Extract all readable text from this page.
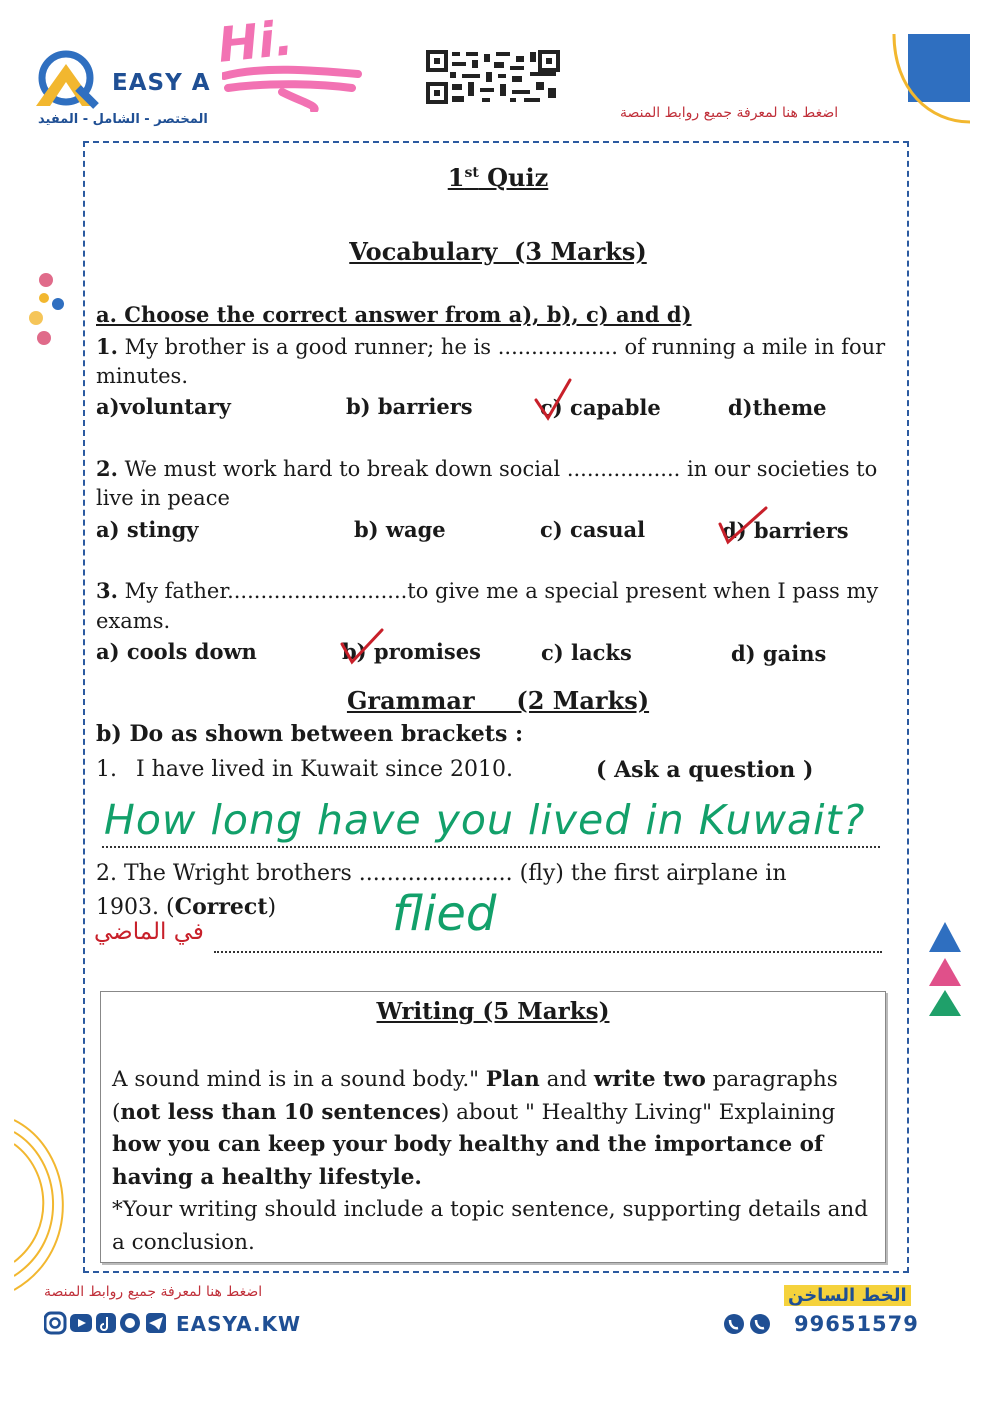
EASY A
المختصر - الشامل - المفيد
Hi.
اضغط هنا لمعرفة جميع روابط المنصة
1st Quiz
Vocabulary  (3 Marks)
a. Choose the correct answer from a), b), c) and d)
1. My brother is a good runner; he is .................. of running a mile in four
minutes.
a)voluntary	b) barriers	c) capable	d)theme
2. We must work hard to break down social ................. in our societies to
live in peace
a) stingy	b) wage	c) casual	d) barriers
3. My father...........................to give me a special present when I pass my
exams.
a) cools down	b) promises	c) lacks	d) gains
Grammar     (2 Marks)
b) Do as shown between brackets :
1. I have lived in Kuwait since 2010.	( Ask a question )
How long have you lived in Kuwait?
2. The Wright brothers ...................... (fly) the first airplane in
1903. (Correct) flied
في الماضي
Writing (5 Marks)
A sound mind is in a sound body." Plan and write two paragraphs (not less than 10 sentences) about " Healthy Living" Explaining how you can keep your body healthy and the importance of having a healthy lifestyle.
*Your writing should include a topic sentence, supporting details and a conclusion.
اضغط هنا لمعرفة جميع روابط المنصة
EASYA.KW
الخط الساخن
99651579
